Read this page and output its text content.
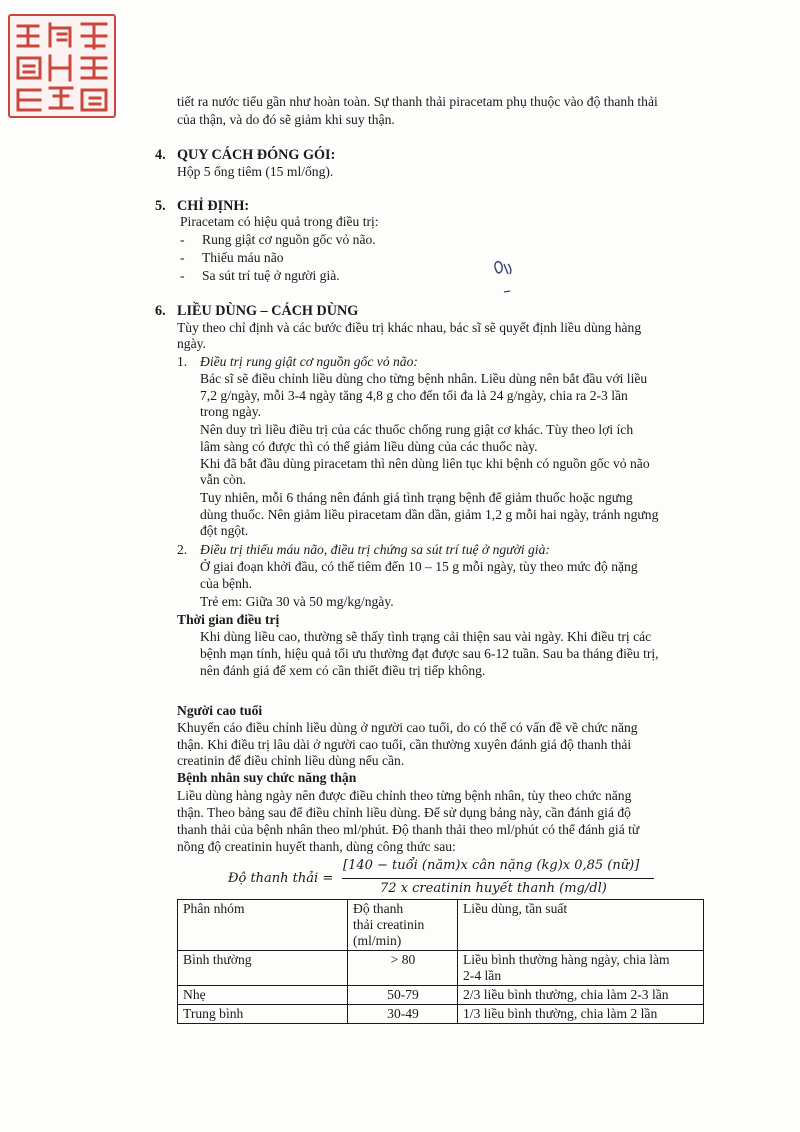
tiết ra nước tiểu gần như hoàn toàn. Sự thanh thải piracetam phụ thuộc vào độ thanh thải
của thận, và do đó sẽ giảm khi suy thận.
4. QUY CÁCH ĐÓNG GÓI:
Hộp 5 ống tiêm (15 ml/ống).
5. CHỈ ĐỊNH:
Piracetam có hiệu quả trong điều trị:
- Rung giật cơ nguồn gốc vỏ não.
- Thiếu máu não
- Sa sút trí tuệ ở người già.
6. LIỀU DÙNG – CÁCH DÙNG
Tùy theo chỉ định và các bước điều trị khác nhau, bác sĩ sẽ quyết định liều dùng hàng
ngày.
1. Điều trị rung giật cơ nguồn gốc vỏ não:
Bác sĩ sẽ điều chỉnh liều dùng cho từng bệnh nhân. Liều dùng nên bắt đầu với liều
7,2 g/ngày, mỗi 3-4 ngày tăng 4,8 g cho đến tối đa là 24 g/ngày, chia ra 2-3 lần
trong ngày.
Nên duy trì liều điều trị của các thuốc chống rung giật cơ khác. Tùy theo lợi ích
lâm sàng có được thì có thể giảm liều dùng của các thuốc này.
Khi đã bắt đầu dùng piracetam thì nên dùng liên tục khi bệnh có nguồn gốc vỏ não
vẫn còn.
Tuy nhiên, mỗi 6 tháng nên đánh giá tình trạng bệnh để giảm thuốc hoặc ngưng
dùng thuốc. Nên giảm liều piracetam dần dần, giảm 1,2 g mỗi hai ngày, tránh ngưng
đột ngột.
2. Điều trị thiếu máu não, điều trị chứng sa sút trí tuệ ở người già:
Ở giai đoạn khởi đầu, có thể tiêm đến 10 – 15 g mỗi ngày, tùy theo mức độ nặng
của bệnh.
Trẻ em: Giữa 30 và 50 mg/kg/ngày.
Thời gian điều trị
Khi dùng liều cao, thường sẽ thấy tình trạng cải thiện sau vài ngày. Khi điều trị các
bệnh mạn tính, hiệu quả tối ưu thường đạt được sau 6-12 tuần. Sau ba tháng điều trị,
nên đánh giá để xem có cần thiết điều trị tiếp không.
Người cao tuổi
Khuyến cáo điều chỉnh liều dùng ở người cao tuổi, do có thể có vấn đề về chức năng
thận. Khi điều trị lâu dài ở người cao tuổi, cần thường xuyên đánh giá độ thanh thải
creatinin để điều chỉnh liều dùng nếu cần.
Bệnh nhân suy chức năng thận
Liều dùng hàng ngày nên được điều chỉnh theo từng bệnh nhân, tùy theo chức năng
thận. Theo bảng sau để điều chỉnh liều dùng. Để sử dụng bảng này, cần đánh giá độ
thanh thải của bệnh nhân theo ml/phút. Độ thanh thải theo ml/phút có thể đánh giá từ
nồng độ creatinin huyết thanh, dùng công thức sau:
Độ thanh thải =
[140 − tuổi (năm)x cân nặng (kg)x 0,85 (nữ)]
72 x creatinin huyết thanh (mg/dl)
Phân nhóm	Độ thanh
thải creatinin
(ml/min)	Liều dùng, tần suất
Bình thường	> 80	Liều bình thường hàng ngày, chia làm
2-4 lần

Nhẹ	50-79	2/3 liều bình thường, chia làm 2-3 lần
Trung bình	30-49	1/3 liều bình thường, chia làm 2 lần
